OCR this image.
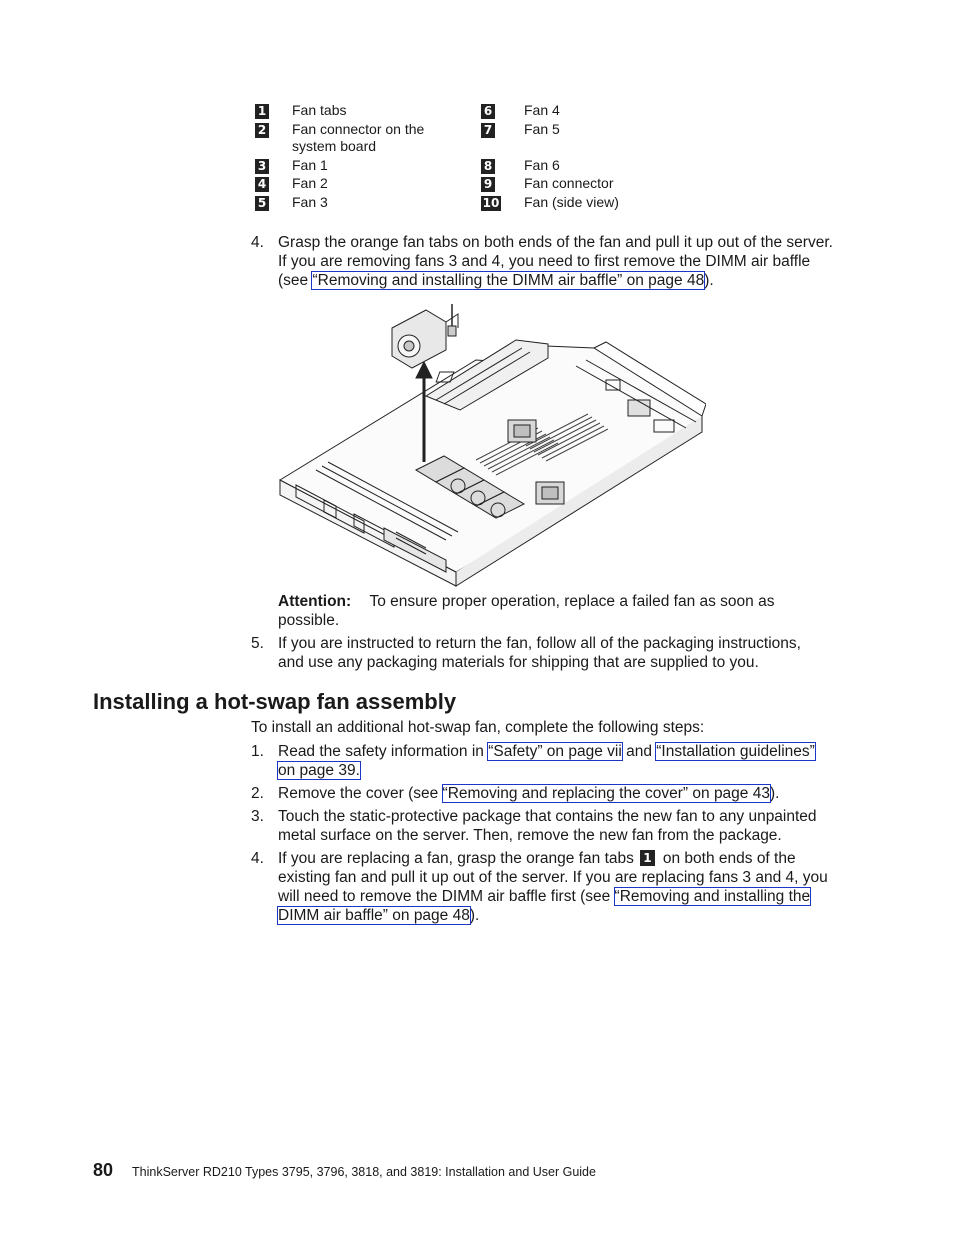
1 Fan tabs
2 Fan connector on the system board
3 Fan 1
4 Fan 2
5 Fan 3
6 Fan 4
7 Fan 5
8 Fan 6
9 Fan connector
10 Fan (side view)
4. Grasp the orange fan tabs on both ends of the fan and pull it up out of the server. If you are removing fans 3 and 4, you need to first remove the DIMM air baffle (see “Removing and installing the DIMM air baffle” on page 48).
Attention: To ensure proper operation, replace a failed fan as soon as possible.
5. If you are instructed to return the fan, follow all of the packaging instructions, and use any packaging materials for shipping that are supplied to you.
Installing a hot-swap fan assembly
To install an additional hot-swap fan, complete the following steps:
1. Read the safety information in “Safety” on page vii and “Installation guidelines” on page 39.
2. Remove the cover (see “Removing and replacing the cover” on page 43).
3. Touch the static-protective package that contains the new fan to any unpainted metal surface on the server. Then, remove the new fan from the package.
4. If you are replacing a fan, grasp the orange fan tabs 1 on both ends of the existing fan and pull it up out of the server. If you are replacing fans 3 and 4, you will need to remove the DIMM air baffle first (see “Removing and installing the DIMM air baffle” on page 48).
80 ThinkServer RD210 Types 3795, 3796, 3818, and 3819: Installation and User Guide
